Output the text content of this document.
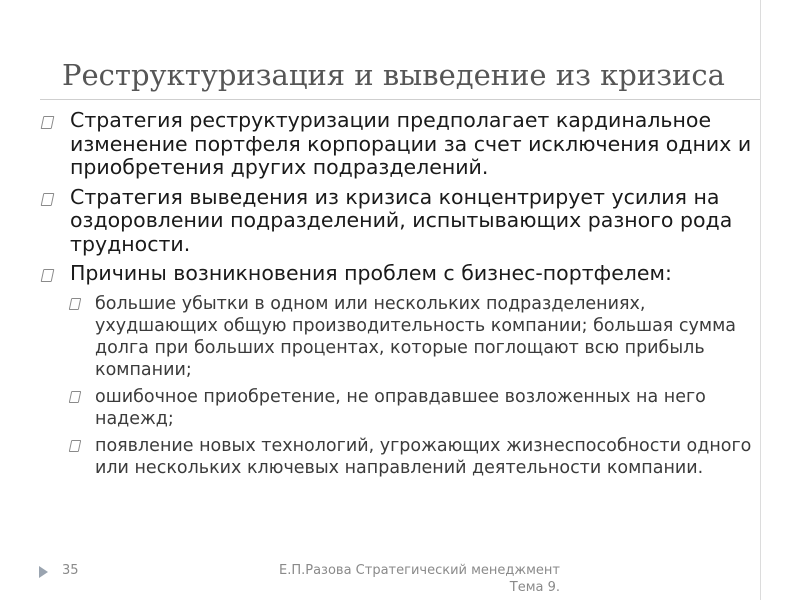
Реструктуризация и выведение из кризиса
Стратегия реструктуризации предполагает кардинальное изменение портфеля корпорации за счет исключения одних и приобретения других подразделений.
Стратегия выведения из кризиса концентрирует усилия на оздоровлении подразделений, испытывающих разного рода трудности.
Причины возникновения проблем с бизнес-портфелем:
большие убытки в одном или нескольких подразделениях, ухудшающих общую производительность компании; большая сумма долга при больших процентах, которые поглощают всю прибыль компании;
ошибочное приобретение, не оправдавшее возложенных на него надежд;
появление новых технологий, угрожающих жизнеспособности одного или нескольких ключевых направлений деятельности компании.
35	Е.П.Разова Стратегический менеджмент
Тема 9.
